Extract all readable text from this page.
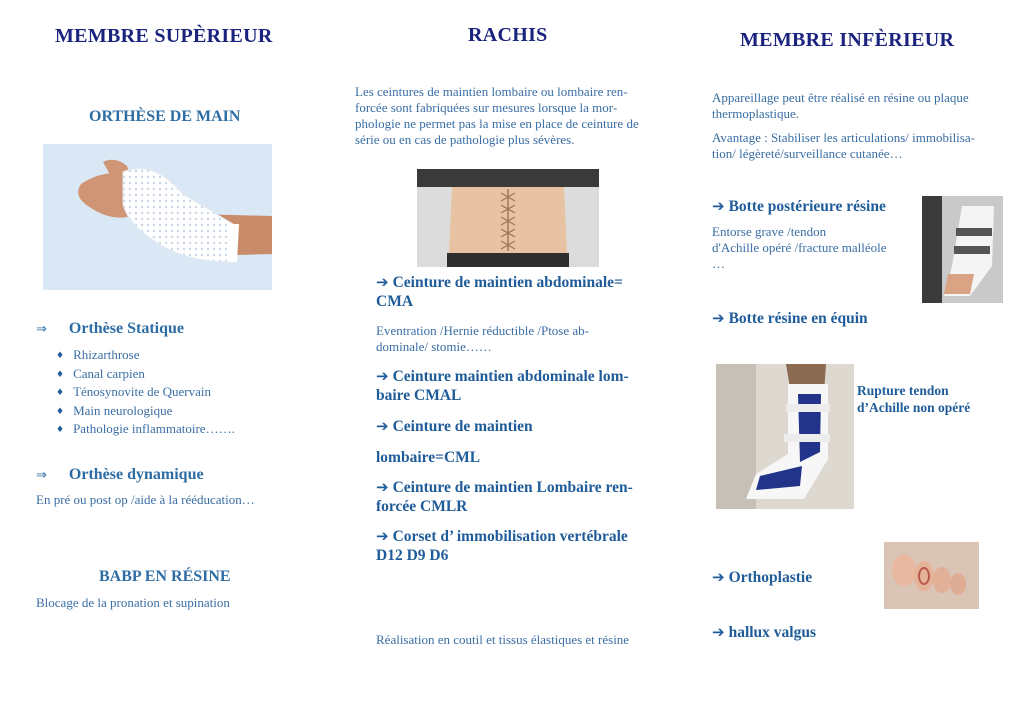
MEMBRE SUPÈRIEUR
ORTHÈSE DE MAIN
⇒ Orthèse Statique
♦ Rhizarthrose
♦ Canal carpien
♦ Ténosynovite de Quervain
♦ Main neurologique
♦ Pathologie inflammatoire…….
⇒ Orthèse dynamique
En pré ou post op /aide à la rééducation…
BABP EN RÉSINE
Blocage de la pronation et supination
RACHIS
Les ceintures de maintien lombaire ou lombaire ren-
forcée sont fabriquées sur mesures lorsque la mor-
phologie ne permet pas la mise en place de ceinture de
série ou en cas de pathologie plus sévères.
➔ Ceinture de maintien abdominale=
CMA
Eventration /Hernie réductible /Ptose ab-
dominale/ stomie……
➔ Ceinture maintien abdominale lom-
baire CMAL
➔ Ceinture de maintien
lombaire=CML
➔ Ceinture de maintien Lombaire ren-
forcée CMLR
➔ Corset d’ immobilisation vertébrale
D12 D9 D6
Réalisation en coutil et tissus élastiques et résine
MEMBRE INFÈRIEUR
Appareillage peut être réalisé en résine ou plaque
thermoplastique.
Avantage : Stabiliser les articulations/ immobilisa-
tion/ légèreté/surveillance cutanée…
➔ Botte postérieure résine
Entorse grave /tendon
d'Achille opéré /fracture malléole
…
➔ Botte résine en équin
Rupture tendon
d’Achille non opéré
➔ Orthoplastie
➔ hallux valgus
